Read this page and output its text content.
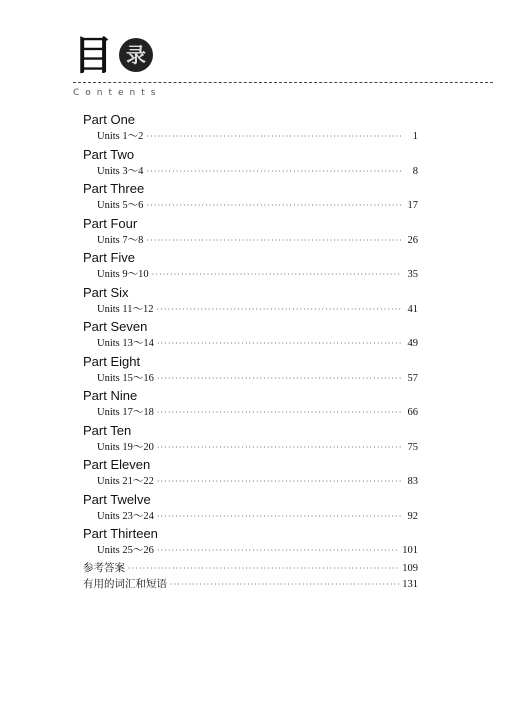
目 录
Contents
Part One
Units 1～2 ·····	1
Part Two
Units 3～4 ·····	8
Part Three
Units 5～6 ·····	17
Part Four
Units 7～8 ·····	26
Part Five
Units 9～10 ·····	35
Part Six
Units 11～12 ·····	41
Part Seven
Units 13～14 ·····	49
Part Eight
Units 15～16 ·····	57
Part Nine
Units 17～18 ·····	66
Part Ten
Units 19～20 ·····	75
Part Eleven
Units 21～22 ·····	83
Part Twelve
Units 23～24 ·····	92
Part Thirteen
Units 25～26 ·····	101
参考答案 ·····	109
有用的词汇和短语 ·····	131
